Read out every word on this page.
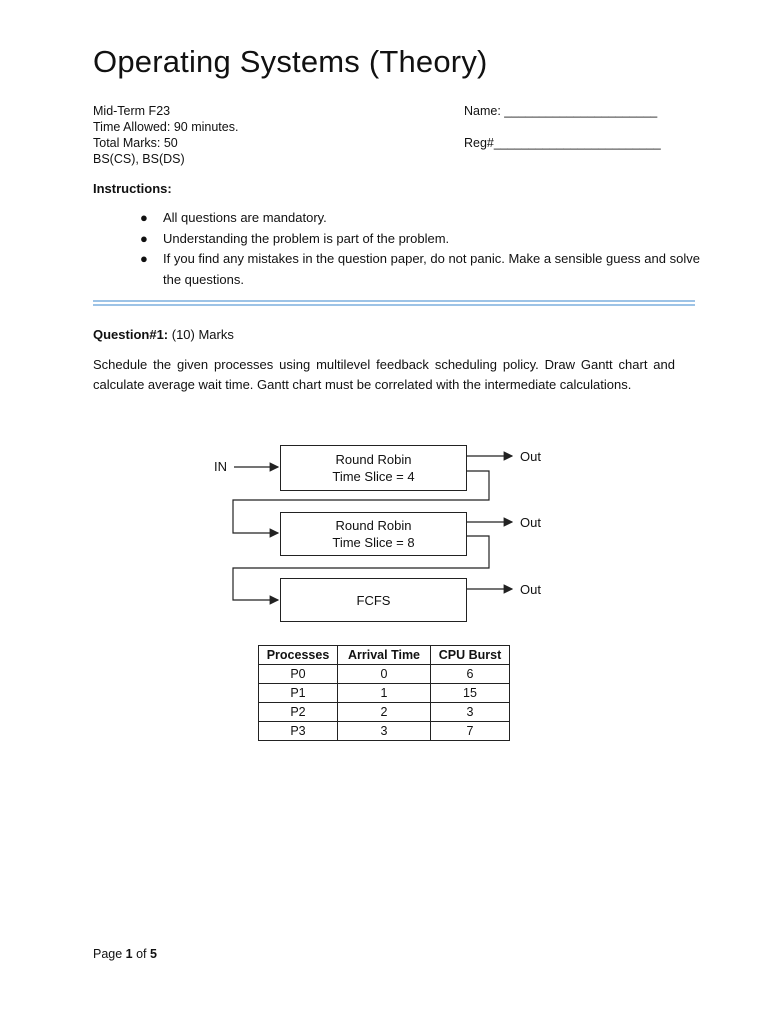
Operating Systems (Theory)
Mid-Term F23
Time Allowed: 90 minutes.
Total Marks: 50
BS(CS), BS(DS)
Name: ______________________
Reg#________________________
Instructions:
● All questions are mandatory.
● Understanding the problem is part of the problem.
● If you find any mistakes in the question paper, do not panic. Make a sensible guess and solve the questions.
Question#1: (10) Marks
Schedule the given processes using multilevel feedback scheduling policy. Draw Gantt chart and calculate average wait time. Gantt chart must be correlated with the intermediate calculations.
IN	Round Robin
Time Slice = 4
Out
Round Robin
Time Slice = 8
Out
FCFS
Out
Processes	Arrival Time	CPU Burst
P0	0	6
P1	1	15
P2	2	3
P3	3	7
Page 1 of 5
